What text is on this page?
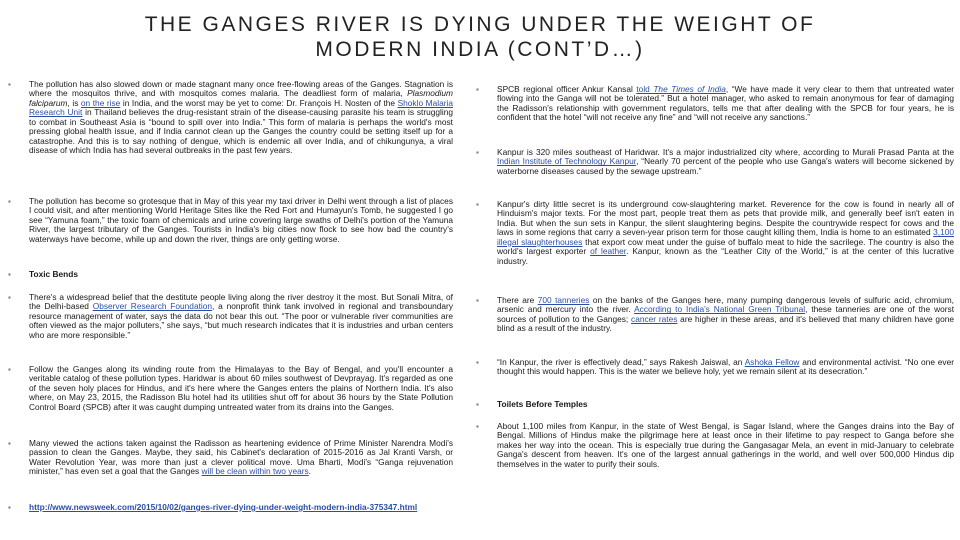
THE GANGES RIVER IS DYING UNDER THE WEIGHT OF
MODERN INDIA (CONT’D…)
▪ The pollution has also slowed down or made stagnant many once free-flowing areas of the Ganges. Stagnation is where the mosquitos thrive, and with mosquitos comes malaria. The deadliest form of malaria, Plasmodium falciparum, is on the rise in India, and the worst may be yet to come: Dr. François H. Nosten of the Shoklo Malaria Research Unit in Thailand believes the drug-resistant strain of the disease-causing parasite his team is struggling to combat in Southeast Asia is “bound to spill over into India.” This form of malaria is perhaps the world's most pressing global health issue, and if India cannot clean up the Ganges the country could be setting itself up for a catastrophe. And this is to say nothing of dengue, which is endemic all over India, and of chikungunya, a viral disease of which India has had several outbreaks in the past few years.
▪ The pollution has become so grotesque that in May of this year my taxi driver in Delhi went through a list of places I could visit, and after mentioning World Heritage Sites like the Red Fort and Humayun's Tomb, he suggested I go see “Yamuna foam,” the toxic foam of chemicals and urine covering large swaths of Delhi's portion of the Yamuna River, the largest tributary of the Ganges. Tourists in India's big cities now flock to see how bad the country's waterways have become, while up and down the river, things are only getting worse.
▪ Toxic Bends
▪ There's a widespread belief that the destitute people living along the river destroy it the most. But Sonali Mitra, of the Delhi-based Observer Research Foundation, a nonprofit think tank involved in regional and transboundary resource management of water, says the data do not bear this out. “The poor or vulnerable river communities are often viewed as the major polluters,” she says, “but much research indicates that it is industries and urban centers who are more responsible.”
▪ Follow the Ganges along its winding route from the Himalayas to the Bay of Bengal, and you'll encounter a veritable catalog of these pollution types. Haridwar is about 60 miles southwest of Devprayag. It's regarded as one of the seven holy places for Hindus, and it's here where the Ganges enters the plains of Northern India. It's also where, on May 23, 2015, the Radisson Blu hotel had its utilities shut off for about 36 hours by the State Pollution Control Board (SPCB) after it was caught dumping untreated water from its drains into the Ganges.
▪ Many viewed the actions taken against the Radisson as heartening evidence of Prime Minister Narendra Modi's passion to clean the Ganges. Maybe, they said, his Cabinet's declaration of 2015-2016 as Jal Kranti Varsh, or Water Revolution Year, was more than just a clever political move. Uma Bharti, Modi's “Ganga rejuvenation minister,” has even set a goal that the Ganges will be clean within two years.
▪ http://www.newsweek.com/2015/10/02/ganges-river-dying-under-weight-modern-india-375347.html
▪ SPCB regional officer Ankur Kansal told The Times of India, “We have made it very clear to them that untreated water flowing into the Ganga will not be tolerated.” But a hotel manager, who asked to remain anonymous for fear of damaging the Radisson's relationship with government regulators, tells me that after dealing with the SPCB for four years, he is confident that the hotel “will not receive any fine” and “will not receive any sanctions.”
▪ Kanpur is 320 miles southeast of Haridwar. It's a major industrialized city where, according to Murali Prasad Panta at the Indian Institute of Technology Kanpur, “Nearly 70 percent of the people who use Ganga's waters will become sickened by waterborne diseases caused by the sewage upstream.”
▪ Kanpur's dirty little secret is its underground cow-slaughtering market. Reverence for the cow is found in nearly all of Hinduism's major texts. For the most part, people treat them as pets that provide milk, and generally beef isn't eaten in India. But when the sun sets in Kanpur, the silent slaughtering begins. Despite the countrywide respect for cows and the laws in some regions that carry a seven-year prison term for those caught killing them, India is home to an estimated 3,100 illegal slaughterhouses that export cow meat under the guise of buffalo meat to hide the sacrilege. The country is also the world's largest exporter of leather. Kanpur, known as the “Leather City of the World,” is at the center of this lucrative industry.
▪ There are 700 tanneries on the banks of the Ganges here, many pumping dangerous levels of sulfuric acid, chromium, arsenic and mercury into the river. According to India's National Green Tribunal, these tanneries are one of the worst sources of pollution to the Ganges; cancer rates are higher in these areas, and it's believed that many children have gone blind as a result of the industry.
▪ “In Kanpur, the river is effectively dead,” says Rakesh Jaiswal, an Ashoka Fellow and environmental activist. “No one ever thought this would happen. This is the water we believe holy, yet we remain silent at its desecration.”
▪ Toilets Before Temples
▪ About 1,100 miles from Kanpur, in the state of West Bengal, is Sagar Island, where the Ganges drains into the Bay of Bengal. Millions of Hindus make the pilgrimage here at least once in their lifetime to pay respect to Ganga before she makes her way into the ocean. This is especially true during the Gangasagar Mela, an event in mid-January to celebrate Ganga's descent from heaven. It's one of the largest annual gatherings in the world, and well over 500,000 Hindus dip themselves in the water to purify their souls.
